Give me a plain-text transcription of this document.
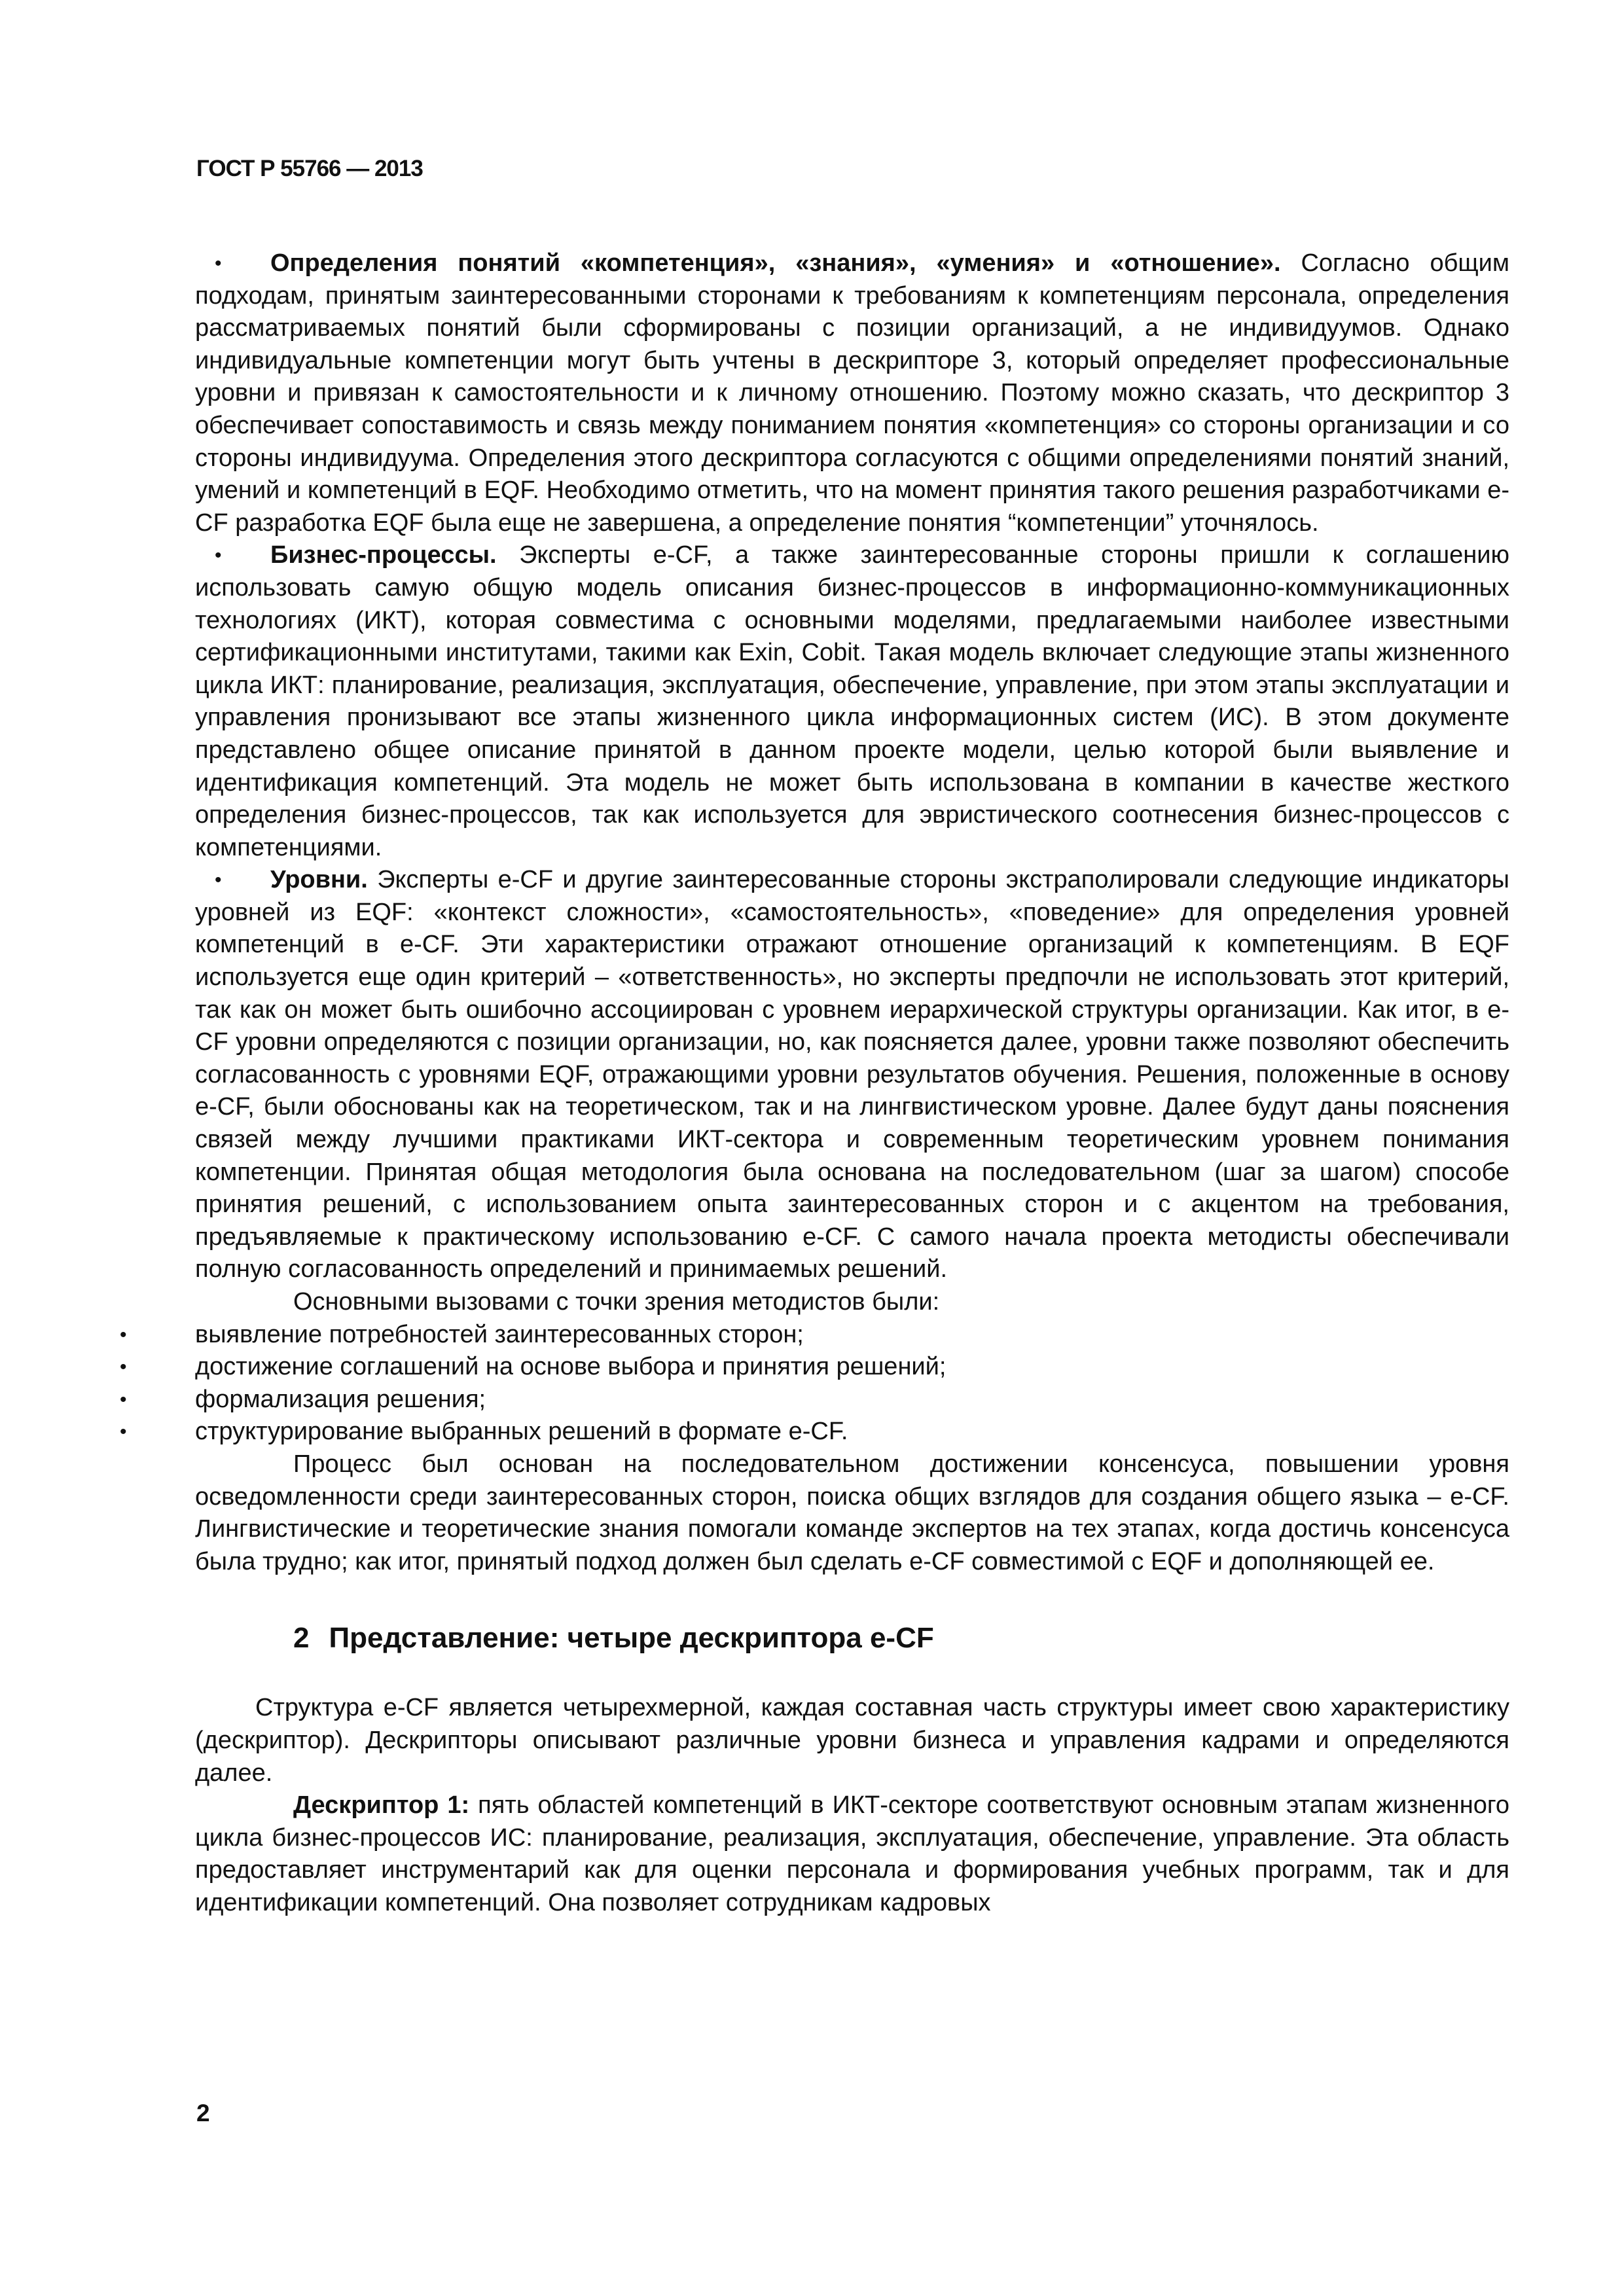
ГОСТ Р 55766 — 2013

• Определения понятий «компетенция», «знания», «умения» и «отношение». Согласно общим подходам, принятым заинтересованными сторонами к требованиям к компетенциям персонала, определения рассматриваемых понятий были сформированы с позиции организаций, а не индивидуумов. Однако индивидуальные компетенции могут быть учтены в дескрипторе 3, который определяет профессиональные уровни и привязан к самостоятельности и к личному отношению. Поэтому можно сказать, что дескриптор 3 обеспечивает сопоставимость и связь между пониманием понятия «компетенция» со стороны организации и со стороны индивидуума. Определения этого дескриптора согласуются с общими определениями понятий знаний, умений и компетенций в EQF. Необходимо отметить, что на момент принятия такого решения разработчиками e-CF разработка EQF была еще не завершена, а определение понятия “компетенции” уточнялось.

• Бизнес-процессы. Эксперты e-CF, а также заинтересованные стороны пришли к соглашению использовать самую общую модель описания бизнес-процессов в информационно-коммуникационных технологиях (ИКТ), которая совместима с основными моделями, предлагаемыми наиболее известными сертификационными институтами, такими как Exin, Cobit. Такая модель включает следующие этапы жизненного цикла ИКТ: планирование, реализация, эксплуатация, обеспечение, управление, при этом этапы эксплуатации и управления пронизывают все этапы жизненного цикла информационных систем (ИС). В этом документе представлено общее описание принятой в данном проекте модели, целью которой были выявление и идентификация компетенций. Эта модель не может быть использована в компании в качестве жесткого определения бизнес-процессов, так как используется для эвристического соотнесения бизнес-процессов с компетенциями.

• Уровни. Эксперты e-CF и другие заинтересованные стороны экстраполировали следующие индикаторы уровней из EQF: «контекст сложности», «самостоятельность», «поведение» для определения уровней компетенций в e-CF. Эти характеристики отражают отношение организаций к компетенциям. В EQF используется еще один критерий – «ответственность», но эксперты предпочли не использовать этот критерий, так как он может быть ошибочно ассоциирован с уровнем иерархической структуры организации. Как итог, в e-CF уровни определяются с позиции организации, но, как поясняется далее, уровни также позволяют обеспечить согласованность с уровнями EQF, отражающими уровни результатов обучения. Решения, положенные в основу e-CF, были обоснованы как на теоретическом, так и на лингвистическом уровне. Далее будут даны пояснения связей между лучшими практиками ИКТ-сектора и современным теоретическим уровнем понимания компетенции. Принятая общая методология была основана на последовательном (шаг за шагом) способе принятия решений, с использованием опыта заинтересованных сторон и с акцентом на требования, предъявляемые к практическому использованию e-CF. С самого начала проекта методисты обеспечивали полную согласованность определений и принимаемых решений.

Основными вызовами с точки зрения методистов были:

•	выявление потребностей заинтересованных сторон;

•	достижение соглашений на основе выбора и принятия решений;

•	формализация решения;

•	структурирование выбранных решений в формате e-CF.

Процесс был основан на последовательном достижении консенсуса, повышении уровня осведомленности среди заинтересованных сторон, поиска общих взглядов для создания общего языка – e-CF. Лингвистические и теоретические знания помогали команде экспертов на тех этапах, когда достичь консенсуса была трудно; как итог, принятый подход должен был сделать e-CF совместимой с EQF и дополняющей ее.

2 Представление: четыре дескриптора e-CF

Структура e-CF является четырехмерной, каждая составная часть структуры имеет свою характеристику (дескриптор). Дескрипторы описывают различные уровни бизнеса и управления кадрами и определяются далее.

Дескриптор 1: пять областей компетенций в ИКТ-секторе соответствуют основным этапам жизненного цикла бизнес-процессов ИС: планирование, реализация, эксплуатация, обеспечение, управление. Эта область предоставляет инструментарий как для оценки персонала и формирования учебных программ, так и для идентификации компетенций. Она позволяет сотрудникам кадровых

2
